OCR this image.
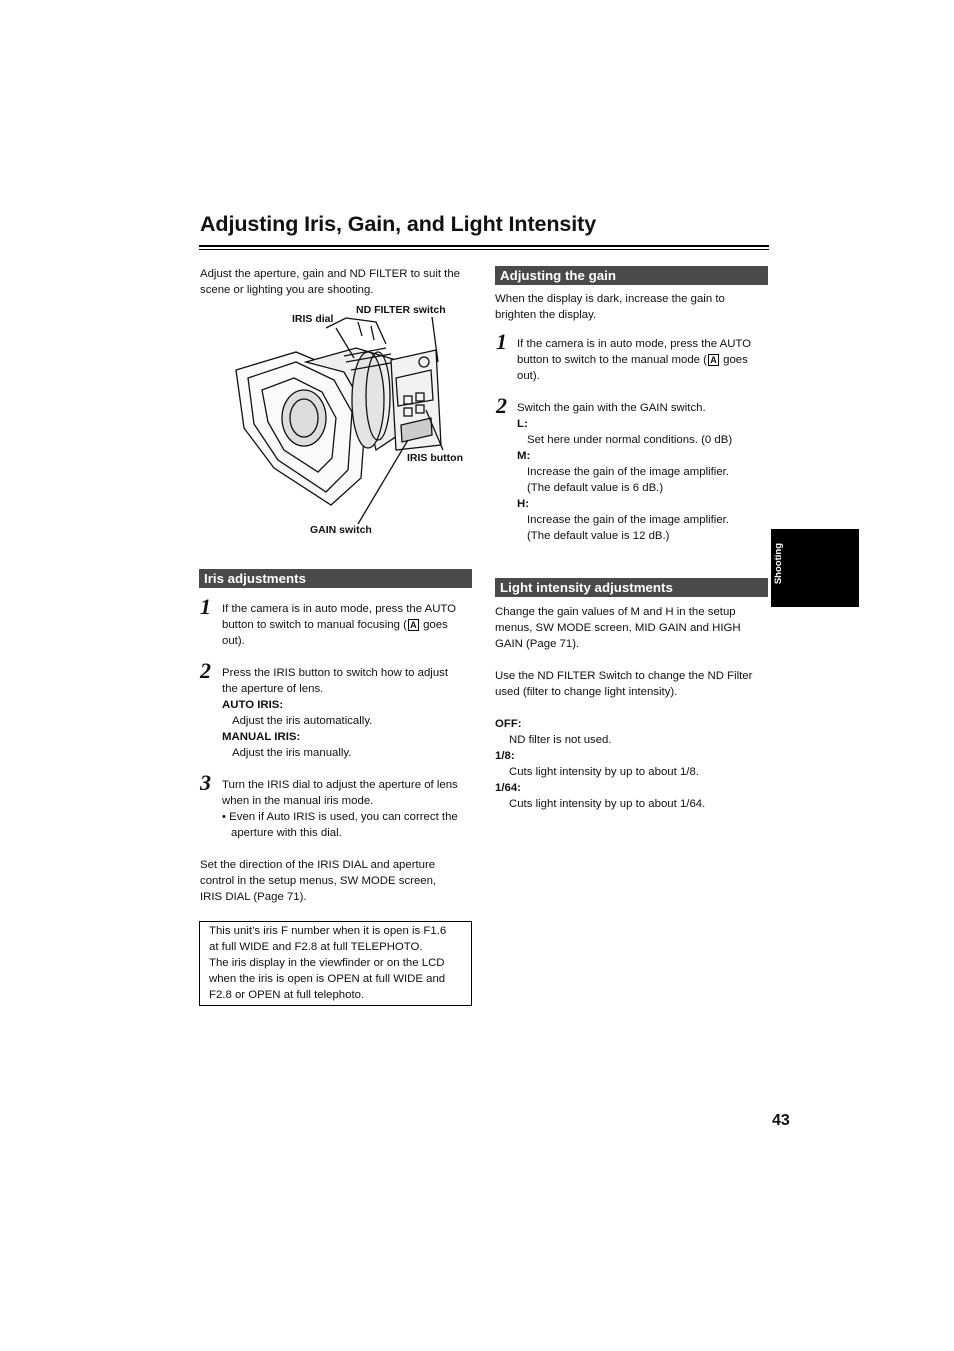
Adjusting Iris, Gain, and Light Intensity
Adjust the aperture, gain and ND FILTER to suit the
scene or lighting you are shooting.
IRIS dial
ND FILTER switch
IRIS button
GAIN switch
Iris adjustments
1 If the camera is in auto mode, press the AUTO
button to switch to manual focusing ( A goes
out).
2 Press the IRIS button to switch how to adjust
the aperture of lens.
AUTO IRIS:
Adjust the iris automatically.
MANUAL IRIS:
Adjust the iris manually.
3 Turn the IRIS dial to adjust the aperture of lens
when in the manual iris mode.
• Even if Auto IRIS is used, you can correct the
aperture with this dial.
Set the direction of the IRIS DIAL and aperture
control in the setup menus, SW MODE screen,
IRIS DIAL (Page 71).
This unit’s iris F number when it is open is F1.6
at full WIDE and F2.8 at full TELEPHOTO.
The iris display in the viewfinder or on the LCD
when the iris is open is OPEN at full WIDE and
F2.8 or OPEN at full telephoto.
Adjusting the gain
When the display is dark, increase the gain to
brighten the display.
1 If the camera is in auto mode, press the AUTO
button to switch to the manual mode ( A goes
out).
2 Switch the gain with the GAIN switch.
L:
Set here under normal conditions. (0 dB)
M:
Increase the gain of the image amplifier.
(The default value is 6 dB.)
H:
Increase the gain of the image amplifier.
(The default value is 12 dB.)
Light intensity adjustments
Change the gain values of M and H in the setup
menus, SW MODE screen, MID GAIN and HIGH
GAIN (Page 71).
Use the ND FILTER Switch to change the ND Filter
used (filter to change light intensity).
OFF:
ND filter is not used.
1/8:
Cuts light intensity by up to about 1/8.
1/64:
Cuts light intensity by up to about 1/64.
Shooting
43
